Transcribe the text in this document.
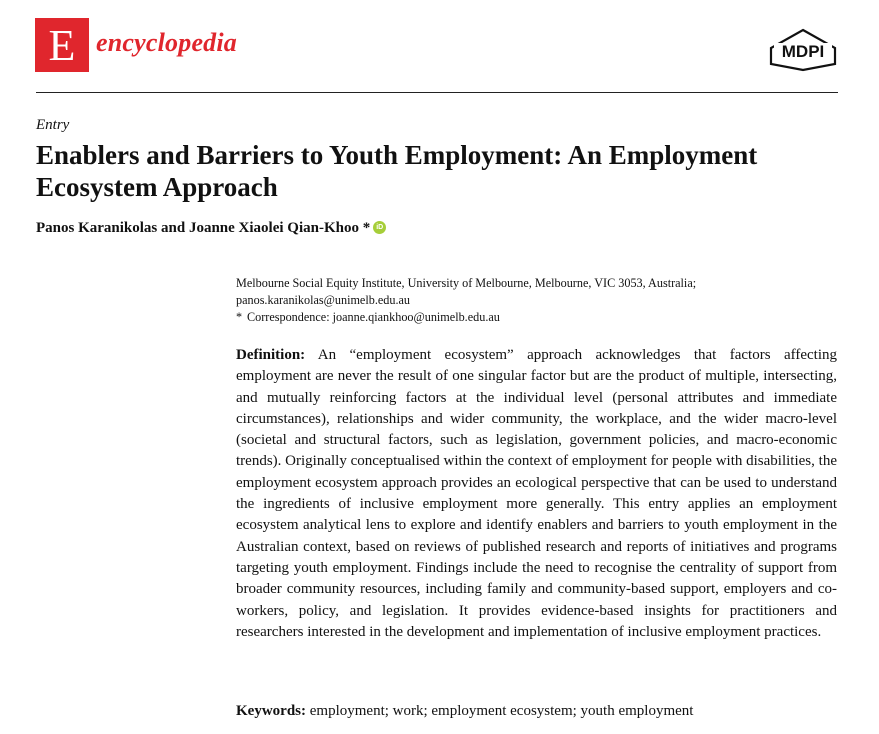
E encyclopedia	MDPI
Entry
Enablers and Barriers to Youth Employment: An Employment Ecosystem Approach
Panos Karanikolas and Joanne Xiaolei Qian-Khoo *
iD
Melbourne Social Equity Institute, University of Melbourne, Melbourne, VIC 3053, Australia;
panos.karanikolas@unimelb.edu.au
* Correspondence: joanne.qiankhoo@unimelb.edu.au

Definition: An “employment ecosystem” approach acknowledges that factors affecting employment are never the result of one singular factor but are the product of multiple, intersecting, and mutually reinforcing factors at the individual level (personal attributes and immediate circumstances), relationships and wider community, the workplace, and the wider macro-level (societal and structural factors, such as legislation, government policies, and macro-economic trends). Originally conceptualised within the context of employment for people with disabilities, the employment ecosystem approach provides an ecological perspective that can be used to understand the ingredients of inclusive employment more generally. This entry applies an employment ecosystem analytical lens to explore and identify enablers and barriers to youth employment in the Australian context, based on reviews of published research and reports of initiatives and programs targeting youth employment. Findings include the need to recognise the centrality of support from broader community resources, including family and community-based support, employers and co-workers, policy, and legislation. It provides evidence-based insights for practitioners and researchers interested in the development and implementation of inclusive employment practices.

Keywords: employment; work; employment ecosystem; youth employment
